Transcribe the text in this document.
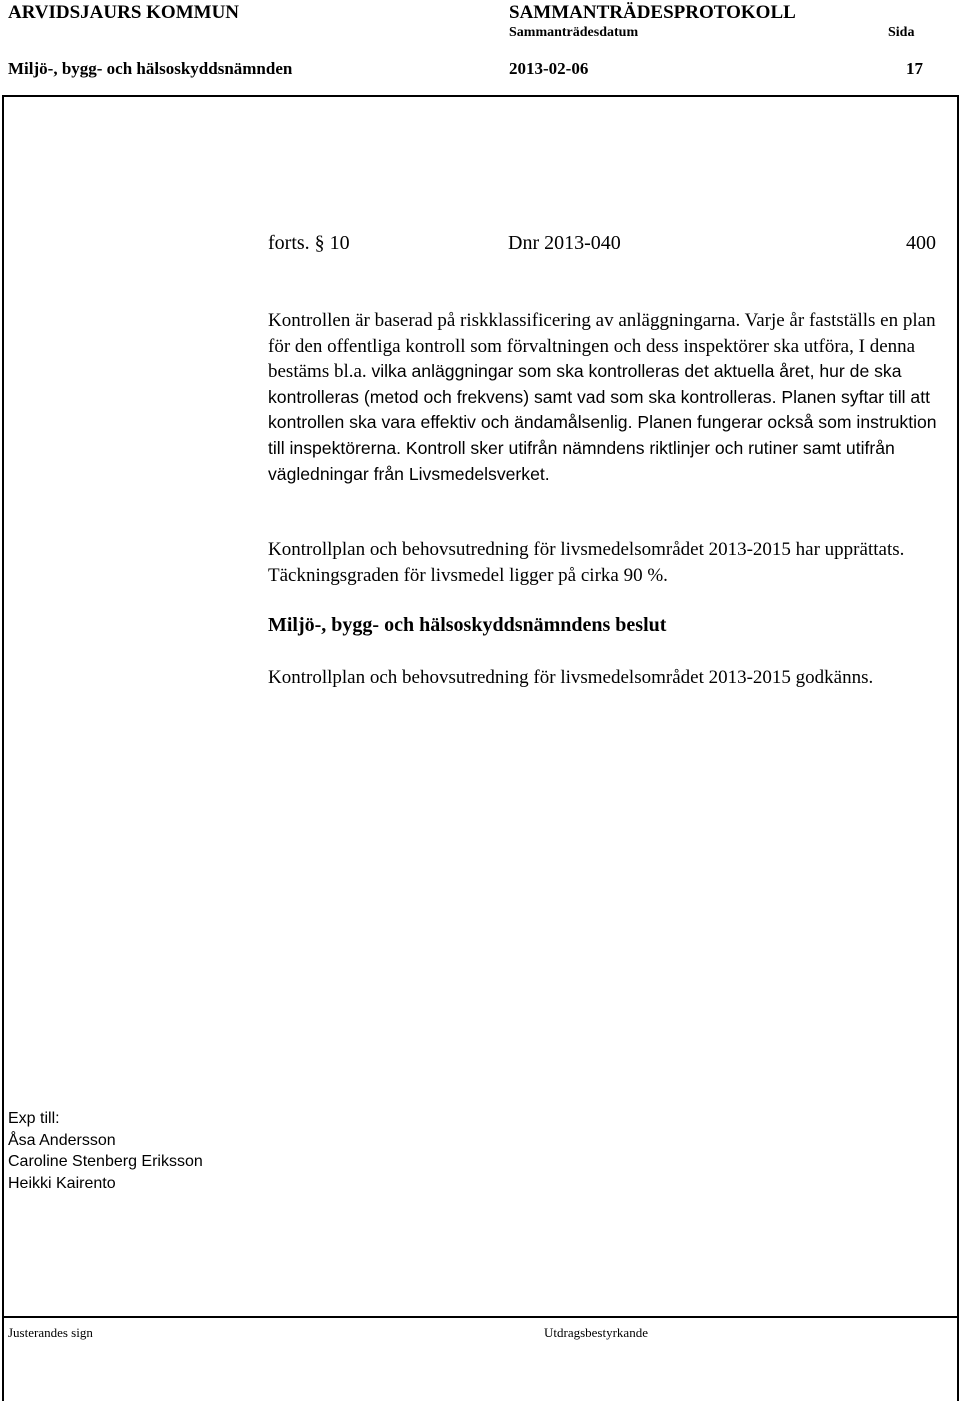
ARVIDSJAURS KOMMUN	SAMMANTRÄDESPROTOKOLL
Sammanträdesdatum	Sida
Miljö-, bygg- och hälsoskyddsnämnden	2013-02-06	17
forts. § 10	Dnr 2013-040	400
Kontrollen är baserad på riskklassificering av anläggningarna. Varje år fastställs en plan för den offentliga kontroll som förvaltningen och dess inspektörer ska utföra, I denna bestäms bl.a. vilka anläggningar som ska kontrolleras det aktuella året, hur de ska kontrolleras (metod och frekvens) samt vad som ska kontrolleras. Planen syftar till att kontrollen ska vara effektiv och ändamålsenlig. Planen fungerar också som instruktion till inspektörerna. Kontroll sker utifrån nämndens riktlinjer och rutiner samt utifrån vägledningar från Livsmedelsverket.
Kontrollplan och behovsutredning för livsmedelsområdet 2013-2015 har upprättats. Täckningsgraden för livsmedel ligger på cirka 90 %.
Miljö-, bygg- och hälsoskyddsnämndens beslut
Kontrollplan och behovsutredning för livsmedelsområdet 2013-2015 godkänns.
Exp till:
Åsa Andersson
Caroline Stenberg Eriksson
Heikki Kairento
Justerandes sign	Utdragsbestyrkande
